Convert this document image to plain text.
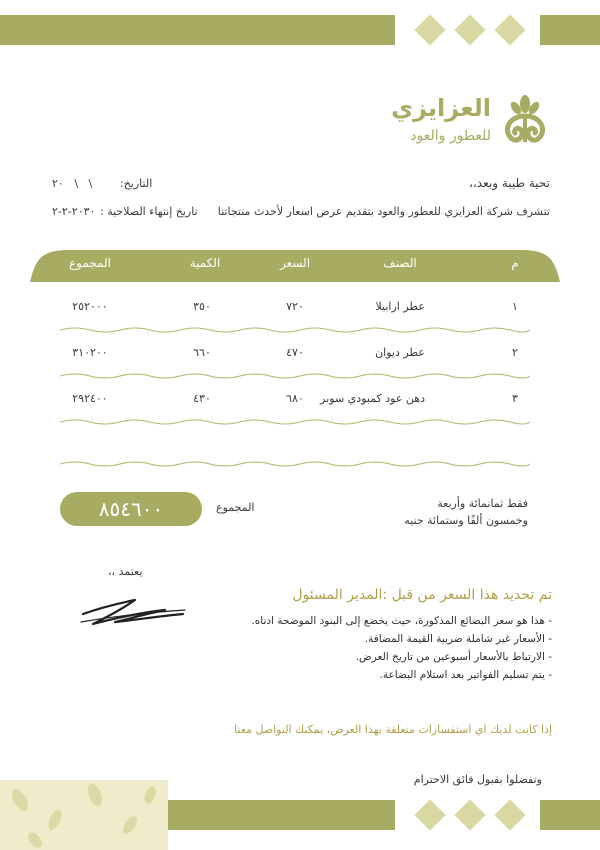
العزايزي
للعطور والعود
تحية طيبة وبعد،،
تتشرف شركة العزايزي للعطور والعود بتقديم عرض اسعار لأحدث منتجاتنا
التاريخ:
٢٠   \   \
تاريخ إنتهاء الصلاحية :
٢٠٣٠-٢-٢
م
الصنف
السعر
الكمية
المجموع
١
عطر ارابيلا
٧٢٠
٣٥٠
٢٥٢٠٠٠
٢
عطر ديوان
٤٧٠
٦٦٠
٣١٠٢٠٠
٣
دهن عود كمبودي سوبر
٦٨٠
٤٣٠
٢٩٢٤٠٠
٨٥٤٦٠٠	المجموع	فقط ثمانمائة وأربعة
وخمسون ألفًا وستمائة جنيه
يعتمد ،،
تم تحديد هذا السعر من قبل :المدير المسئول
- هذا هو سعر البضائع المذكورة، حيث يخضع إلى البنود الموضحة ادناه.
- الأسعار غير شاملة ضريبة القيمة المضافة.
- الارتباط بالأسعار أسبوعين من تاريخ العرض.
- يتم تسليم الفواتير بعد استلام البضاعة.
إذا كانت لديك اي استفسارات متعلقة بهذا العرض، يمكنك التواصل معنا
وتفضلوا بقبول فائق الاحترام
